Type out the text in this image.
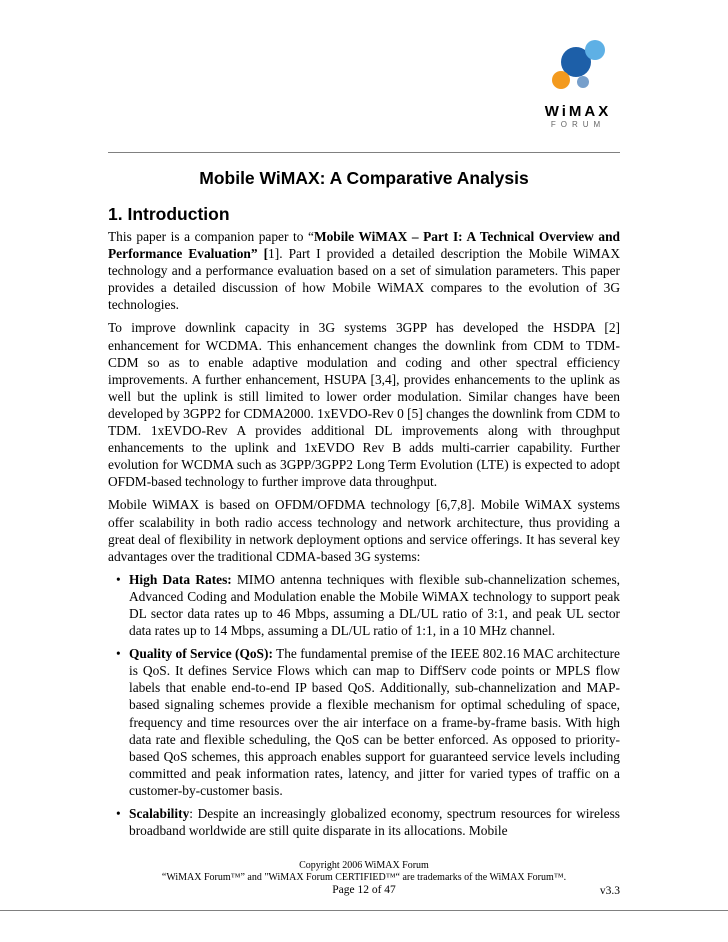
WiMAX
FORUM
Mobile WiMAX: A Comparative Analysis
1. Introduction

This paper is a companion paper to “Mobile WiMAX – Part I: A Technical Overview and Performance Evaluation” [1]. Part I provided a detailed description the Mobile WiMAX technology and a performance evaluation based on a set of simulation parameters. This paper provides a detailed discussion of how Mobile WiMAX compares to the evolution of 3G technologies.

To improve downlink capacity in 3G systems 3GPP has developed the HSDPA [2] enhancement for WCDMA. This enhancement changes the downlink from CDM to TDM-CDM so as to enable adaptive modulation and coding and other spectral efficiency improvements. A further enhancement, HSUPA [3,4], provides enhancements to the uplink as well but the uplink is still limited to lower order modulation. Similar changes have been developed by 3GPP2 for CDMA2000. 1xEVDO-Rev 0 [5] changes the downlink from CDM to TDM. 1xEVDO-Rev A provides additional DL improvements along with throughput enhancements to the uplink and 1xEVDO Rev B adds multi-carrier capability. Further evolution for WCDMA such as 3GPP/3GPP2 Long Term Evolution (LTE) is expected to adopt OFDM-based technology to further improve data throughput.

Mobile WiMAX is based on OFDM/OFDMA technology [6,7,8]. Mobile WiMAX systems offer scalability in both radio access technology and network architecture, thus providing a great deal of flexibility in network deployment options and service offerings. It has several key advantages over the traditional CDMA-based 3G systems:

• High Data Rates: MIMO antenna techniques with flexible sub-channelization schemes, Advanced Coding and Modulation enable the Mobile WiMAX technology to support peak DL sector data rates up to 46 Mbps, assuming a DL/UL ratio of 3:1, and peak UL sector data rates up to 14 Mbps, assuming a DL/UL ratio of 1:1, in a 10 MHz channel.
• Quality of Service (QoS): The fundamental premise of the IEEE 802.16 MAC architecture is QoS. It defines Service Flows which can map to DiffServ code points or MPLS flow labels that enable end-to-end IP based QoS. Additionally, sub-channelization and MAP-based signaling schemes provide a flexible mechanism for optimal scheduling of space, frequency and time resources over the air interface on a frame-by-frame basis. With high data rate and flexible scheduling, the QoS can be better enforced. As opposed to priority-based QoS schemes, this approach enables support for guaranteed service levels including committed and peak information rates, latency, and jitter for varied types of traffic on a customer-by-customer basis.
• Scalability: Despite an increasingly globalized economy, spectrum resources for wireless broadband worldwide are still quite disparate in its allocations. Mobile
Copyright 2006 WiMAX Forum
“WiMAX Forum™” and "WiMAX Forum CERTIFIED™“ are trademarks of the WiMAX Forum™.
Page 12 of 47	v3.3
